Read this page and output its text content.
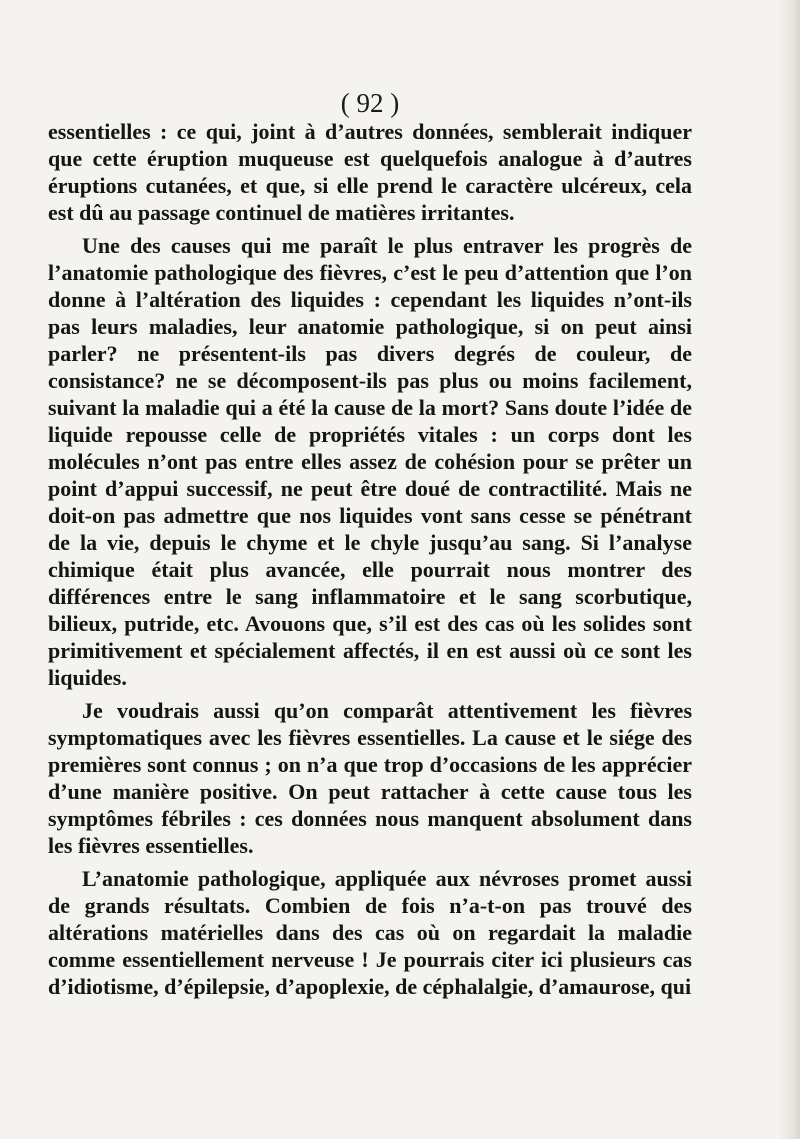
( 92 )

essentielles : ce qui, joint à d’autres données, semblerait indiquer que cette éruption muqueuse est quelquefois analogue à d’autres éruptions cutanées, et que, si elle prend le caractère ulcéreux, cela est dû au passage continuel de matières irritantes.

Une des causes qui me paraît le plus entraver les progrès de l’anatomie pathologique des fièvres, c’est le peu d’attention que l’on donne à l’altération des liquides : cependant les liquides n’ont-ils pas leurs maladies, leur anatomie pathologique, si on peut ainsi parler? ne présentent-ils pas divers degrés de couleur, de consistance? ne se décomposent-ils pas plus ou moins facilement, suivant la maladie qui a été la cause de la mort? Sans doute l’idée de liquide repousse celle de propriétés vitales : un corps dont les molécules n’ont pas entre elles assez de cohésion pour se prêter un point d’appui successif, ne peut être doué de contractilité. Mais ne doit-on pas admettre que nos liquides vont sans cesse se pénétrant de la vie, depuis le chyme et le chyle jusqu’au sang. Si l’analyse chimique était plus avancée, elle pourrait nous montrer des différences entre le sang inflammatoire et le sang scorbutique, bilieux, putride, etc. Avouons que, s’il est des cas où les solides sont primitivement et spécialement affectés, il en est aussi où ce sont les liquides.

Je voudrais aussi qu’on comparât attentivement les fièvres symptomatiques avec les fièvres essentielles. La cause et le siége des premières sont connus ; on n’a que trop d’occasions de les apprécier d’une manière positive. On peut rattacher à cette cause tous les symptômes fébriles : ces données nous manquent absolument dans les fièvres essentielles.

L’anatomie pathologique, appliquée aux névroses promet aussi de grands résultats. Combien de fois n’a-t-on pas trouvé des altérations matérielles dans des cas où on regardait la maladie comme essentiellement nerveuse ! Je pourrais citer ici plusieurs cas d’idiotisme, d’épilepsie, d’apoplexie, de céphalalgie, d’amaurose, qui
